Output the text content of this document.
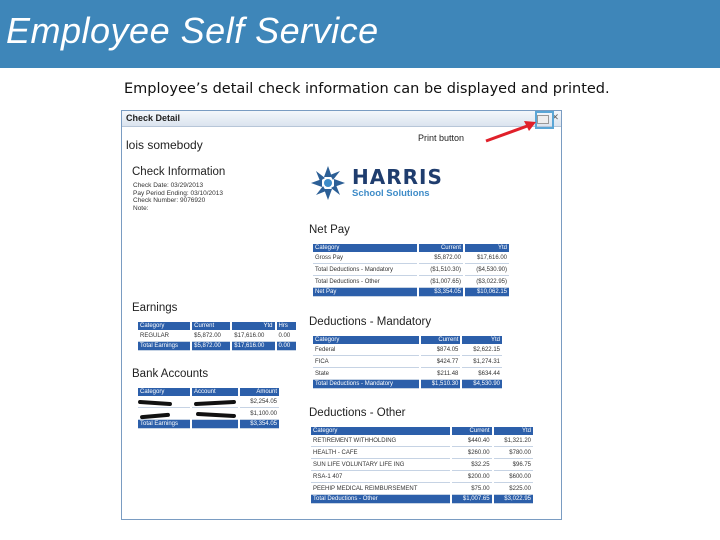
Employee Self Service
Employee’s detail check information can be displayed and printed.
Check Detail	✕
lois somebody	Print button
Check Information
Check Date: 03/29/2013
Pay Period Ending: 03/10/2013
Check Number: 9076920
Note:
HARRIS
School Solutions
Net Pay
Category	Current	Ytd
Gross Pay	$5,872.00	$17,616.00
Total Deductions - Mandatory	($1,510.30)	($4,530.90)
Total Deductions - Other	($1,007.65)	($3,022.95)
Net Pay	$3,354.05	$10,062.15
Earnings
Category	Current	Ytd	Hrs
REGULAR	$5,872.00	$17,616.00	0.00
Total Earnings	$5,872.00	$17,616.00	0.00
Deductions - Mandatory
Category	Current	Ytd
Federal	$874.05	$2,622.15
FICA	$424.77	$1,274.31
State	$211.48	$634.44
Total Deductions - Mandatory	$1,510.30	$4,530.90
Bank Accounts
Category	Account	Amount
		$2,254.05
		$1,100.00
Total Earnings		$3,354.05
Deductions - Other
Category	Current	Ytd
RETIREMENT WITHHOLDING	$440.40	$1,321.20
HEALTH - CAFE	$260.00	$780.00
SUN LIFE VOLUNTARY LIFE ING	$32.25	$96.75
RSA-1 407	$200.00	$600.00
PEEHIP MEDICAL REIMBURSEMENT	$75.00	$225.00
Total Deductions - Other	$1,007.65	$3,022.95
